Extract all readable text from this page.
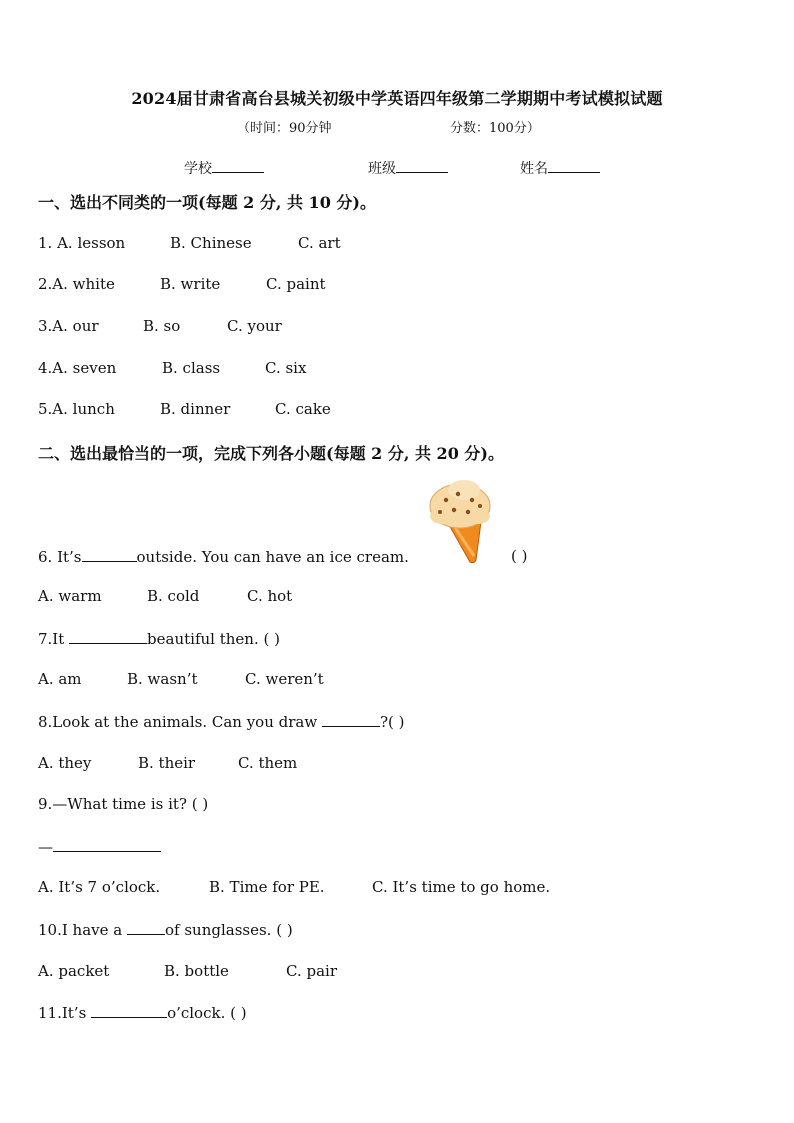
2024届甘肃省高台县城关初级中学英语四年级第二学期期中考试模拟试题
（时间：90分钟	分数：100分）
学校	班级	姓名
一、选出不同类的一项(每题 2 分, 共 10 分)。
1. A. lesson	B. Chinese	C. art
2.A. white	B. write	C. paint
3.A. our	B. so	C. your
4.A. seven	B. class	C. six
5.A. lunch	B. dinner	C. cake
二、选出最恰当的一项，完成下列各小题(每题 2 分, 共 20 分)。
6. It’s	outside. You can have an ice cream.	( )
A. warm	B. cold	C. hot
7.It	beautiful then. ( )
A. am	B. wasn’t	C. weren’t
8.Look at the animals. Can you draw	?( )
A. they	B. their	C. them
9.—What time is it? ( )
—
A. It’s 7 o’clock.	B. Time for PE.	C. It’s time to go home.
10.I have a	of sunglasses. ( )
A. packet	B. bottle	C. pair
11.It’s	o’clock. ( )
